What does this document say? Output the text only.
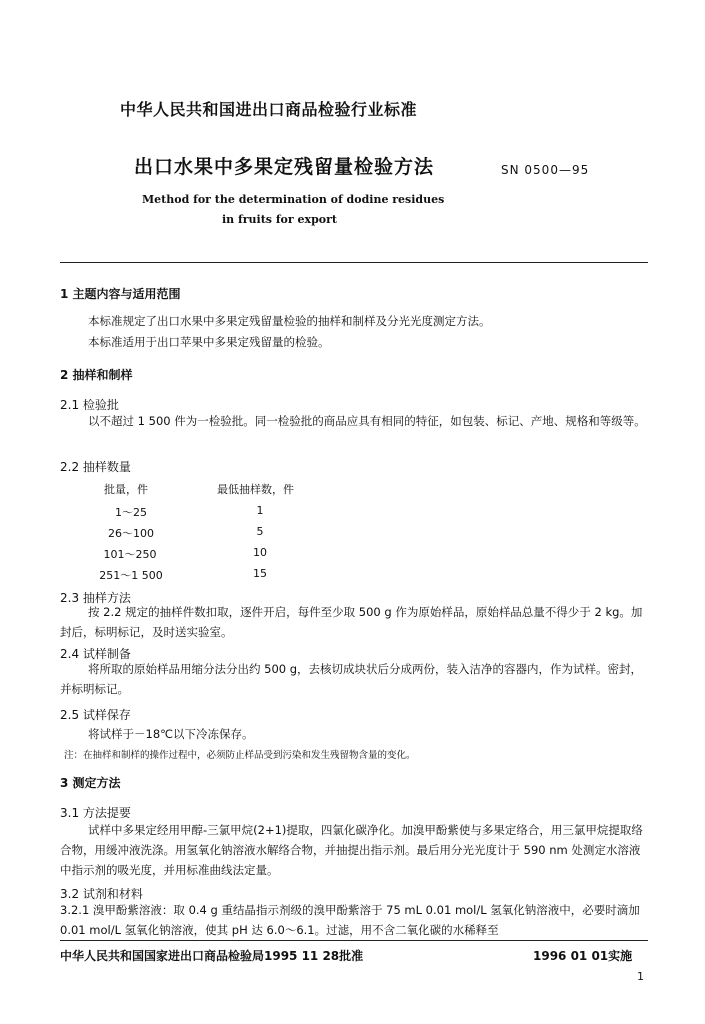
中华人民共和国进出口商品检验行业标准
出口水果中多果定残留量检验方法	SN 0500—95
Method for the determination of dodine residues
in fruits for export
1 主题内容与适用范围
本标准规定了出口水果中多果定残留量检验的抽样和制样及分光光度测定方法。
本标准适用于出口苹果中多果定残留量的检验。
2 抽样和制样
2.1 检验批
以不超过 1 500 件为一检验批。同一检验批的商品应具有相同的特征，如包装、标记、产地、规格和等级等。
2.2 抽样数量
批量，件	最低抽样数，件
1～25	1
26～100	5
101～250	10
251～1 500	15
2.3 抽样方法
按 2.2 规定的抽样件数扣取，逐件开启，每件至少取 500 g 作为原始样品，原始样品总量不得少于 2 kg。加封后，标明标记，及时送实验室。
2.4 试样制备
将所取的原始样品用缩分法分出约 500 g，去核切成块状后分成两份，装入洁净的容器内，作为试样。密封，并标明标记。
2.5 试样保存
将试样于－18℃以下冷冻保存。
注：在抽样和制样的操作过程中，必须防止样品受到污染和发生残留物含量的变化。
3 测定方法
3.1 方法提要
试样中多果定经用甲醇-三氯甲烷(2+1)提取，四氯化碳净化。加溴甲酚紫使与多果定络合，用三氯甲烷提取络合物，用缓冲液洗涤。用氢氧化钠溶液水解络合物，并抽提出指示剂。最后用分光光度计于 590 nm 处测定水溶液中指示剂的吸光度，并用标准曲线法定量。
3.2 试剂和材料
3.2.1 溴甲酚紫溶液：取 0.4 g 重结晶指示剂级的溴甲酚紫溶于 75 mL 0.01 mol/L 氢氧化钠溶液中，必要时滴加 0.01 mol/L 氢氧化钠溶液，使其 pH 达 6.0～6.1。过滤，用不含二氧化碳的水稀释至
中华人民共和国国家进出口商品检验局1995 11 28批准	1996 01 01实施
1
